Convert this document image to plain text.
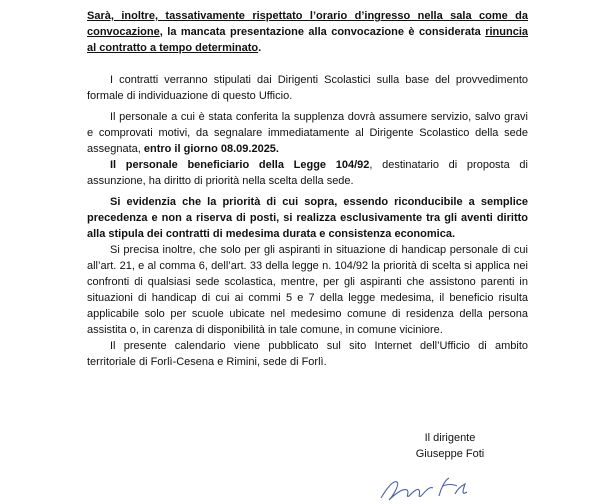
Sarà, inoltre, tassativamente rispettato l’orario d’ingresso nella sala come da convocazione, la mancata presentazione alla convocazione è considerata rinuncia al contratto a tempo determinato.

I contratti verranno stipulati dai Dirigenti Scolastici sulla base del provvedimento formale di individuazione di questo Ufficio.

Il personale a cui è stata conferita la supplenza dovrà assumere servizio, salvo gravi e comprovati motivi, da segnalare immediatamente al Dirigente Scolastico della sede assegnata, entro il giorno 08.09.2025.

Il personale beneficiario della Legge 104/92, destinatario di proposta di assunzione, ha diritto di priorità nella scelta della sede.

Si evidenzia che la priorità di cui sopra, essendo riconducibile a semplice precedenza e non a riserva di posti, si realizza esclusivamente tra gli aventi diritto alla stipula dei contratti di medesima durata e consistenza economica.

Si precisa inoltre, che solo per gli aspiranti in situazione di handicap personale di cui all’art. 21, e al comma 6, dell’art. 33 della legge n. 104/92 la priorità di scelta si applica nei confronti di qualsiasi sede scolastica, mentre, per gli aspiranti che assistono parenti in situazioni di handicap di cui ai commi 5 e 7 della legge medesima, il beneficio risulta applicabile solo per scuole ubicate nel medesimo comune di residenza della persona assistita o, in carenza di disponibilità in tale comune, in comune viciniore.

Il presente calendario viene pubblicato sul sito Internet dell’Ufficio di ambito territoriale di Forlì-Cesena e Rimini, sede di Forlì.

Il dirigente
Giuseppe Foti
